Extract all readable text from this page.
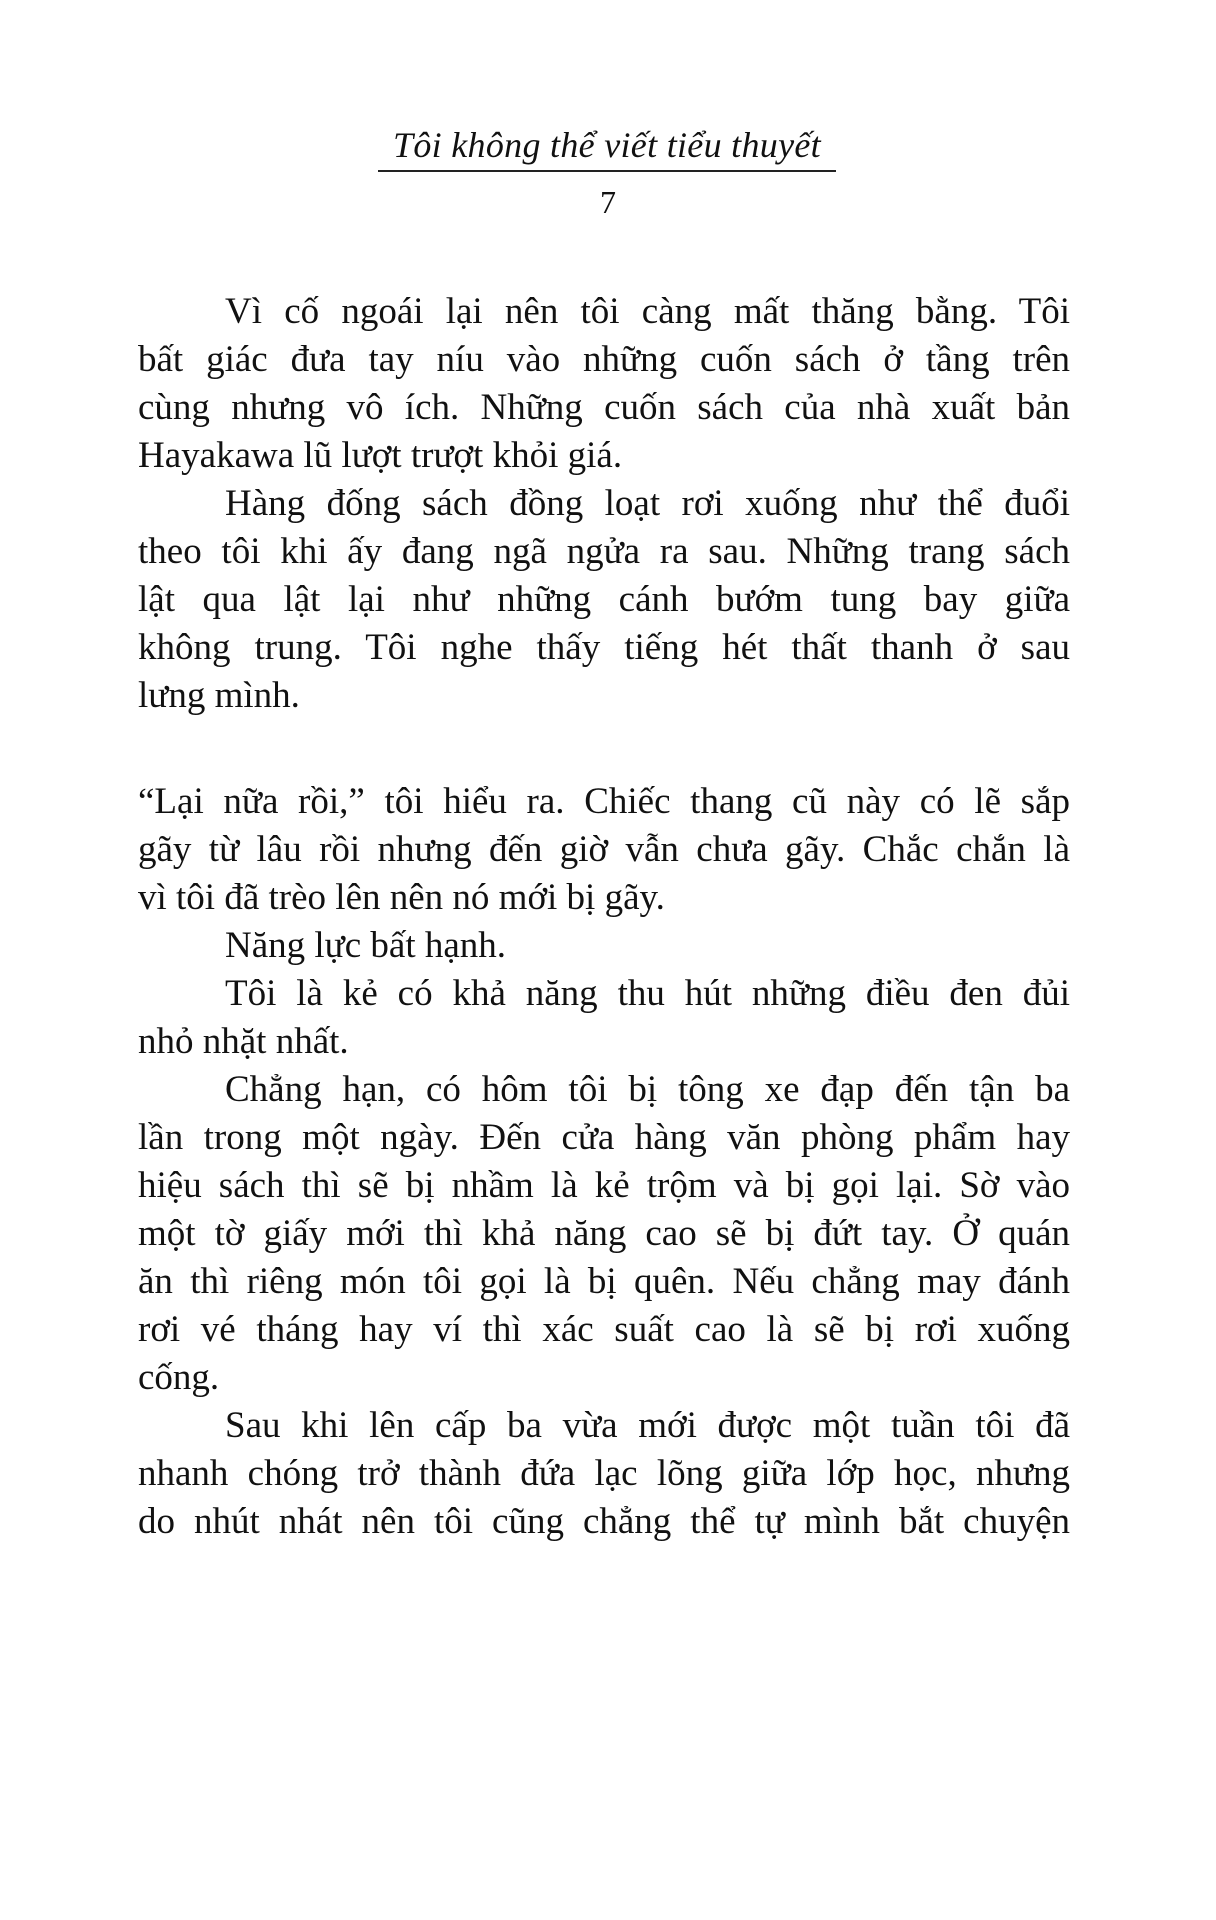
Tôi không thể viết tiểu thuyết
7
Vì cố ngoái lại nên tôi càng mất thăng bằng. Tôi
bất giác đưa tay níu vào những cuốn sách ở tầng trên
cùng nhưng vô ích. Những cuốn sách của nhà xuất bản
Hayakawa lũ lượt trượt khỏi giá.
Hàng đống sách đồng loạt rơi xuống như thể đuổi
theo tôi khi ấy đang ngã ngửa ra sau. Những trang sách
lật qua lật lại như những cánh bướm tung bay giữa
không trung. Tôi nghe thấy tiếng hét thất thanh ở sau
lưng mình.
“Lại nữa rồi,” tôi hiểu ra. Chiếc thang cũ này có lẽ sắp
gãy từ lâu rồi nhưng đến giờ vẫn chưa gãy. Chắc chắn là
vì tôi đã trèo lên nên nó mới bị gãy.
Năng lực bất hạnh.
Tôi là kẻ có khả năng thu hút những điều đen đủi
nhỏ nhặt nhất.
Chẳng hạn, có hôm tôi bị tông xe đạp đến tận ba
lần trong một ngày. Đến cửa hàng văn phòng phẩm hay
hiệu sách thì sẽ bị nhầm là kẻ trộm và bị gọi lại. Sờ vào
một tờ giấy mới thì khả năng cao sẽ bị đứt tay. Ở quán
ăn thì riêng món tôi gọi là bị quên. Nếu chẳng may đánh
rơi vé tháng hay ví thì xác suất cao là sẽ bị rơi xuống
cống.
Sau khi lên cấp ba vừa mới được một tuần tôi đã
nhanh chóng trở thành đứa lạc lõng giữa lớp học, nhưng
do nhút nhát nên tôi cũng chẳng thể tự mình bắt chuyện
